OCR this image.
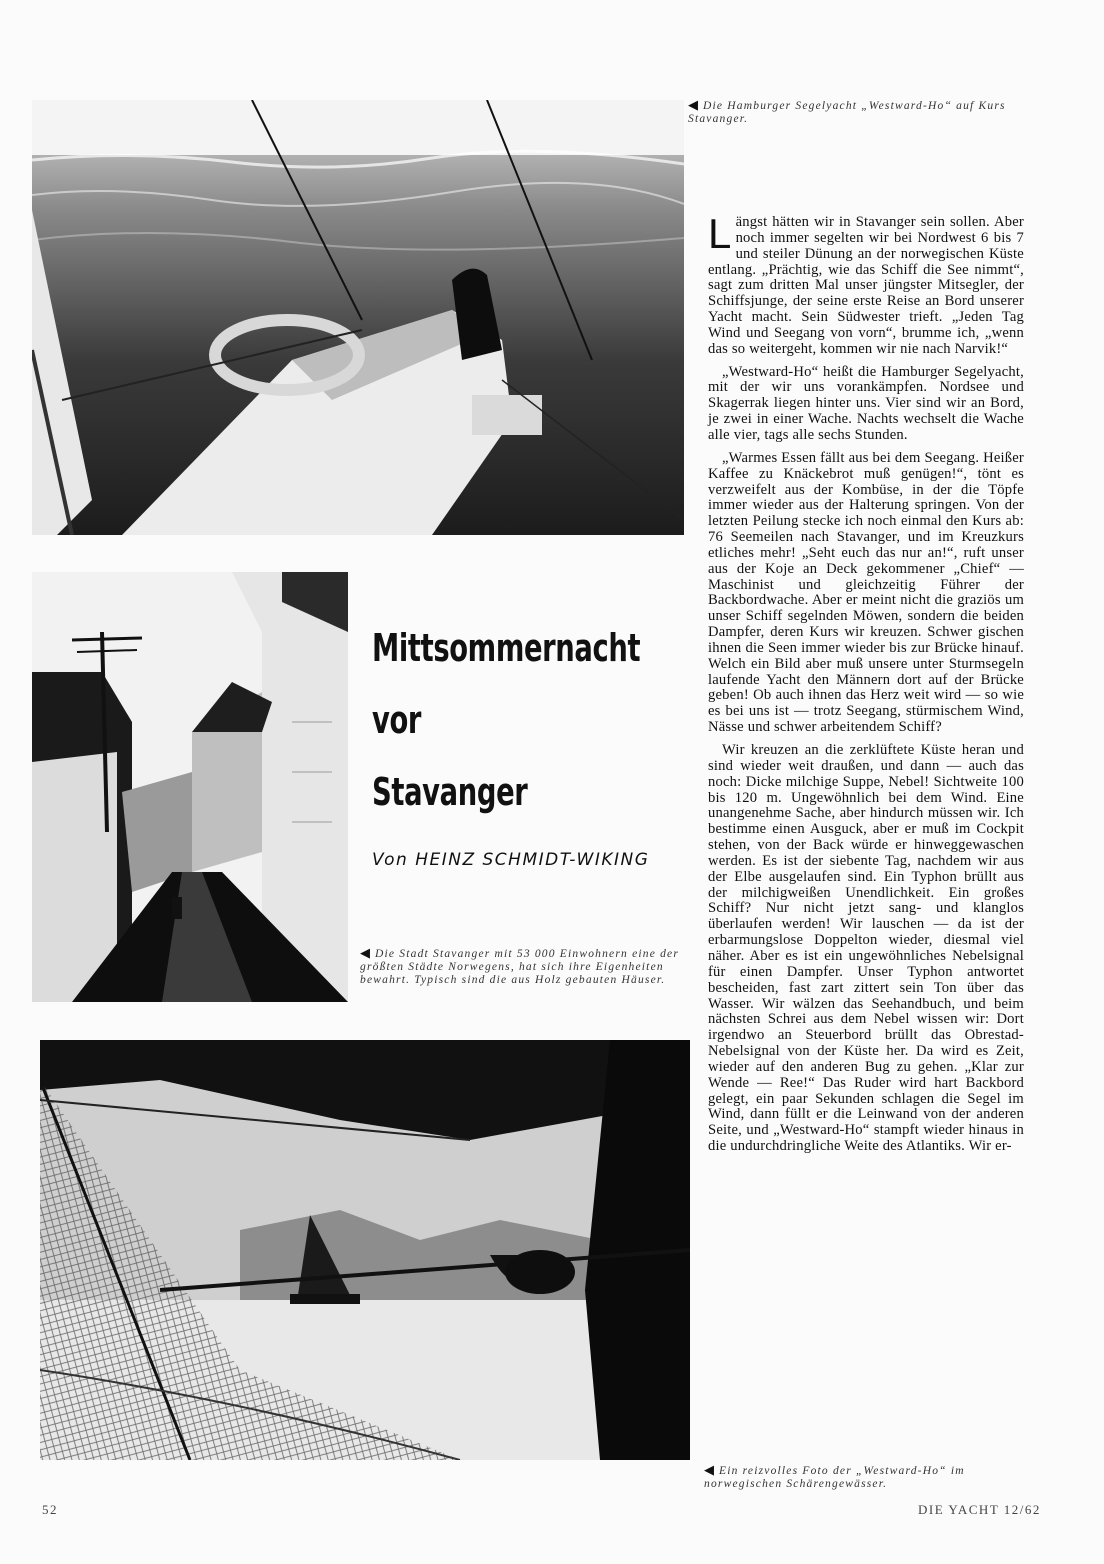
◀ Die Hamburger Segelyacht „Westward-Ho“ auf Kurs Stavanger.
Mittsommernacht
vor
Stavanger
Von HEINZ SCHMIDT-WIKING
◀ Die Stadt Stavanger mit 53 000 Einwohnern eine der größten Städte Norwegens, hat sich ihre Eigenheiten bewahrt. Typisch sind die aus Holz gebauten Häuser.
◀ Ein reizvolles Foto der „Westward-Ho“ im norwegischen Schärengewässer.

Längst hätten wir in Stavanger sein sollen. Aber noch immer segelten wir bei Nordwest 6 bis 7 und steiler Dünung an der norwegischen Küste entlang. „Prächtig, wie das Schiff die See nimmt“, sagt zum dritten Mal unser jüngster Mitsegler, der Schiffsjunge, der seine erste Reise an Bord unserer Yacht macht. Sein Südwester trieft. „Jeden Tag Wind und Seegang von vorn“, brumme ich, „wenn das so weitergeht, kommen wir nie nach Narvik!“

„Westward-Ho“ heißt die Hamburger Segelyacht, mit der wir uns vorankämpfen. Nordsee und Skagerrak liegen hinter uns. Vier sind wir an Bord, je zwei in einer Wache. Nachts wechselt die Wache alle vier, tags alle sechs Stunden.

„Warmes Essen fällt aus bei dem Seegang. Heißer Kaffee zu Knäckebrot muß genügen!“, tönt es verzweifelt aus der Kombüse, in der die Töpfe immer wieder aus der Halterung springen. Von der letzten Peilung stecke ich noch einmal den Kurs ab: 76 Seemeilen nach Stavanger, und im Kreuzkurs etliches mehr! „Seht euch das nur an!“, ruft unser aus der Koje an Deck gekommener „Chief“ — Maschinist und gleichzeitig Führer der Backbordwache. Aber er meint nicht die graziös um unser Schiff segelnden Möwen, sondern die beiden Dampfer, deren Kurs wir kreuzen. Schwer gischen ihnen die Seen immer wieder bis zur Brücke hinauf. Welch ein Bild aber muß unsere unter Sturmsegeln laufende Yacht den Männern dort auf der Brücke geben! Ob auch ihnen das Herz weit wird — so wie es bei uns ist — trotz Seegang, stürmischem Wind, Nässe und schwer arbeitendem Schiff?

Wir kreuzen an die zerklüftete Küste heran und sind wieder weit draußen, und dann — auch das noch: Dicke milchige Suppe, Nebel! Sichtweite 100 bis 120 m. Ungewöhnlich bei dem Wind. Eine unangenehme Sache, aber hindurch müssen wir. Ich bestimme einen Ausguck, aber er muß im Cockpit stehen, von der Back würde er hinweggewaschen werden. Es ist der siebente Tag, nachdem wir aus der Elbe ausgelaufen sind. Ein Typhon brüllt aus der milchigweißen Unendlichkeit. Ein großes Schiff? Nur nicht jetzt sang- und klanglos überlaufen werden! Wir lauschen — da ist der erbarmungslose Doppelton wieder, diesmal viel näher. Aber es ist ein ungewöhnliches Nebelsignal für einen Dampfer. Unser Typhon antwortet bescheiden, fast zart zittert sein Ton über das Wasser. Wir wälzen das Seehandbuch, und beim nächsten Schrei aus dem Nebel wissen wir: Dort irgendwo an Steuerbord brüllt das Obrestad-Nebelsignal von der Küste her. Da wird es Zeit, wieder auf den anderen Bug zu gehen. „Klar zur Wende — Ree!“ Das Ruder wird hart Backbord gelegt, ein paar Sekunden schlagen die Segel im Wind, dann füllt er die Leinwand von der anderen Seite, und „Westward-Ho“ stampft wieder hinaus in die undurchdringliche Weite des Atlantiks. Wir er-

52	DIE YACHT 12/62
